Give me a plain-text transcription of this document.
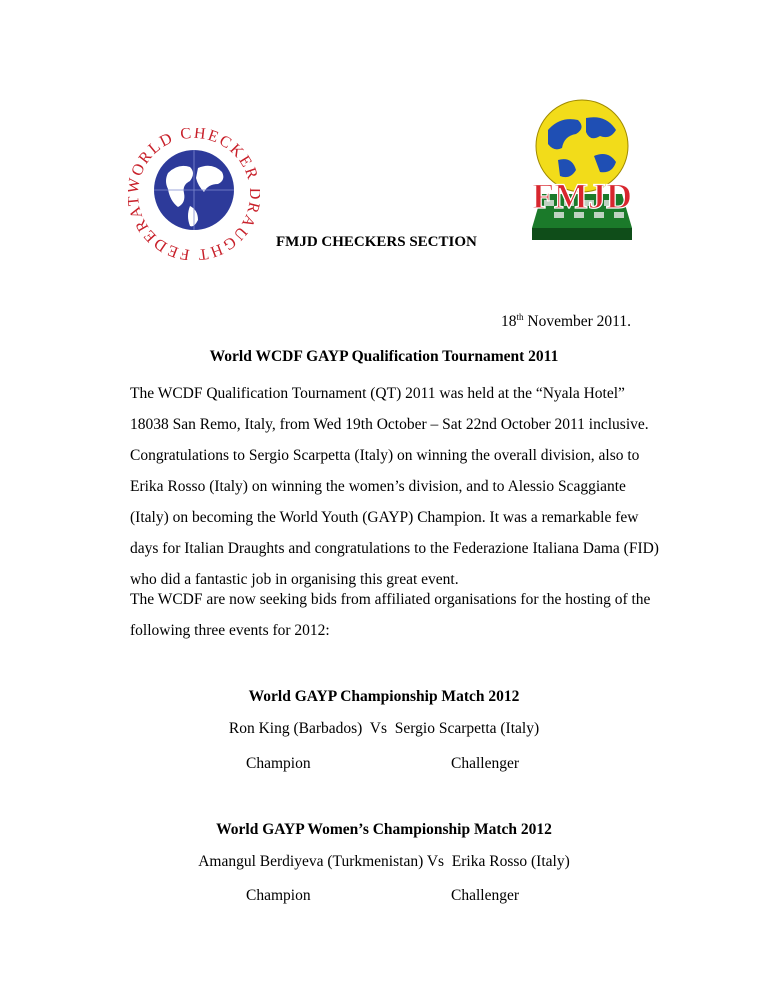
ORLD CHECKER AUGHT FEDERA	FMJD
FMJD CHECKERS SECTION
18th November 2011.
World WCDF GAYP Qualification Tournament 2011

The WCDF Qualification Tournament (QT) 2011 was held at the “Nyala Hotel”
18038 San Remo, Italy, from Wed 19th October – Sat 22nd October 2011 inclusive.
Congratulations to Sergio Scarpetta (Italy) on winning the overall division, also to
Erika Rosso (Italy) on winning the women’s division, and to Alessio Scaggiante
(Italy) on becoming the World Youth (GAYP) Champion. It was a remarkable few
days for Italian Draughts and congratulations to the Federazione Italiana Dama (FID)
who did a fantastic job in organising this great event.

The WCDF are now seeking bids from affiliated organisations for the hosting of the
following three events for 2012:

World GAYP Championship Match 2012
Ron King (Barbados)  Vs  Sergio Scarpetta (Italy)
Champion	Challenger
World GAYP Women’s Championship Match 2012
Amangul Berdiyeva (Turkmenistan) Vs  Erika Rosso (Italy)
Champion	Challenger
